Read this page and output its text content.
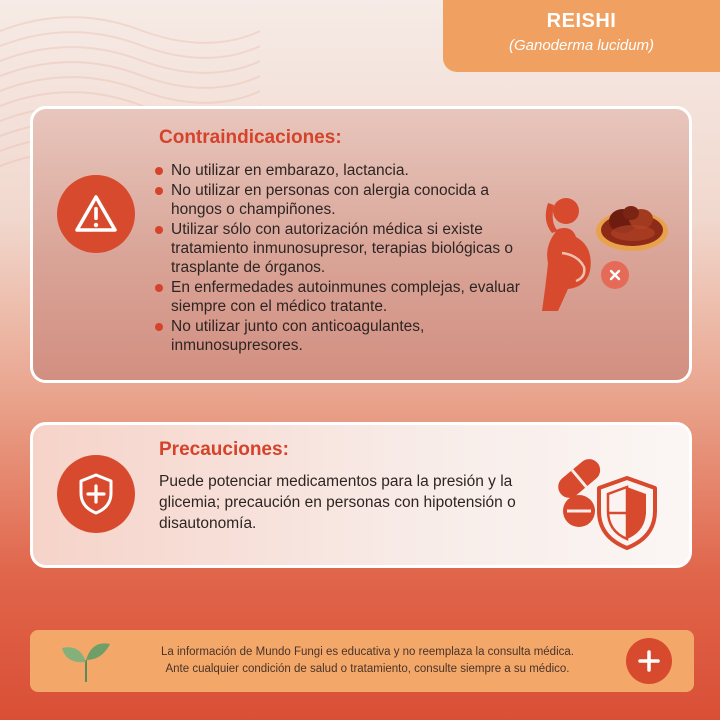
REISHI
(Ganoderma lucidum)
Contraindicaciones:
No utilizar en embarazo, lactancia.
No utilizar en personas con alergia conocida a hongos o champiñones.
Utilizar sólo con autorización médica si existe tratamiento inmunosupresor, terapias biológicas o trasplante de órganos.
En enfermedades autoinmunes complejas, evaluar siempre con el médico tratante.
No utilizar junto con anticoagulantes, inmunosupresores.
Precauciones:
Puede potenciar medicamentos para la presión y la glicemia; precaución en personas con hipotensión o disautonomía.
La información de Mundo Fungi es educativa y no reemplaza la consulta médica.
Ante cualquier condición de salud o tratamiento, consulte siempre a su médico.
